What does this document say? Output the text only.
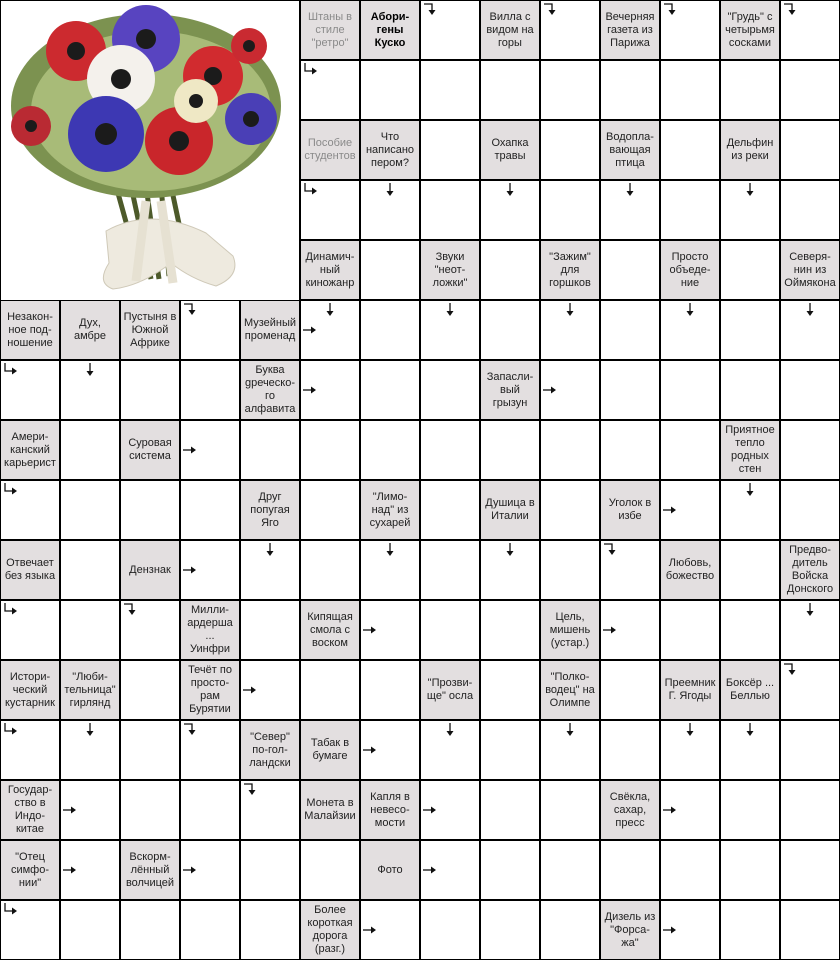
Штаны в
стиле
"ретро"
Абори-
гены
Куско
Вилла с
видом на
горы
Вечерняя
газета из
Парижа
"Грудь" с
четырьмя
сосками
Пособие
студентов
Что
написано
пером?
Охапка
травы
Водопла-
вающая
птица
Дельфин
из реки
Динамич-
ный
киножанр
Звуки
"неот-
ложки"
"Зажим"
для
горшков
Просто
объеде-
ние
Северя-
нин из
Оймякона
Незакон-
ное под-
ношение
Дух,
амбре
Пустыня в
Южной
Африке
Музейный
променад
Буква
gреческо-
го
алфавита
Запасли-
вый
грызун
Амери-
канский
карьерист
Суровая
система
Приятное
тепло
родных
стен
Друг
попугая
Яго
"Лимо-
над" из
сухарей
Душица в
Италии
Уголок в
избе
Отвечает
без языка
Дензнак
Любовь,
божество
Предво-
дитель
Войска
Донского
Милли-
ардерша
...
Уинфри
Кипящая
смола с
воском
Цель,
мишень
(устар.)
Истори-
ческий
кустарник
"Люби-
тельница"
гирлянд
Течёт по
просто-
рам
Бурятии
"Прозви-
ще" осла
"Полко-
водец" на
Олимпе
Преемник
Г. Ягоды
Боксёр ...
Беллью
"Север"
по-гол-
ландски
Табак в
бумаге
Государ-
ство в
Индо-
китае
Монета в
Малайзии
Капля в
невесо-
мости
Свёкла,
сахар,
пресс
"Отец
симфо-
нии"
Вскорм-
лённый
волчицей
Фото
Более
короткая
дорога
(разг.)
Дизель из
"Форса-
жа"
